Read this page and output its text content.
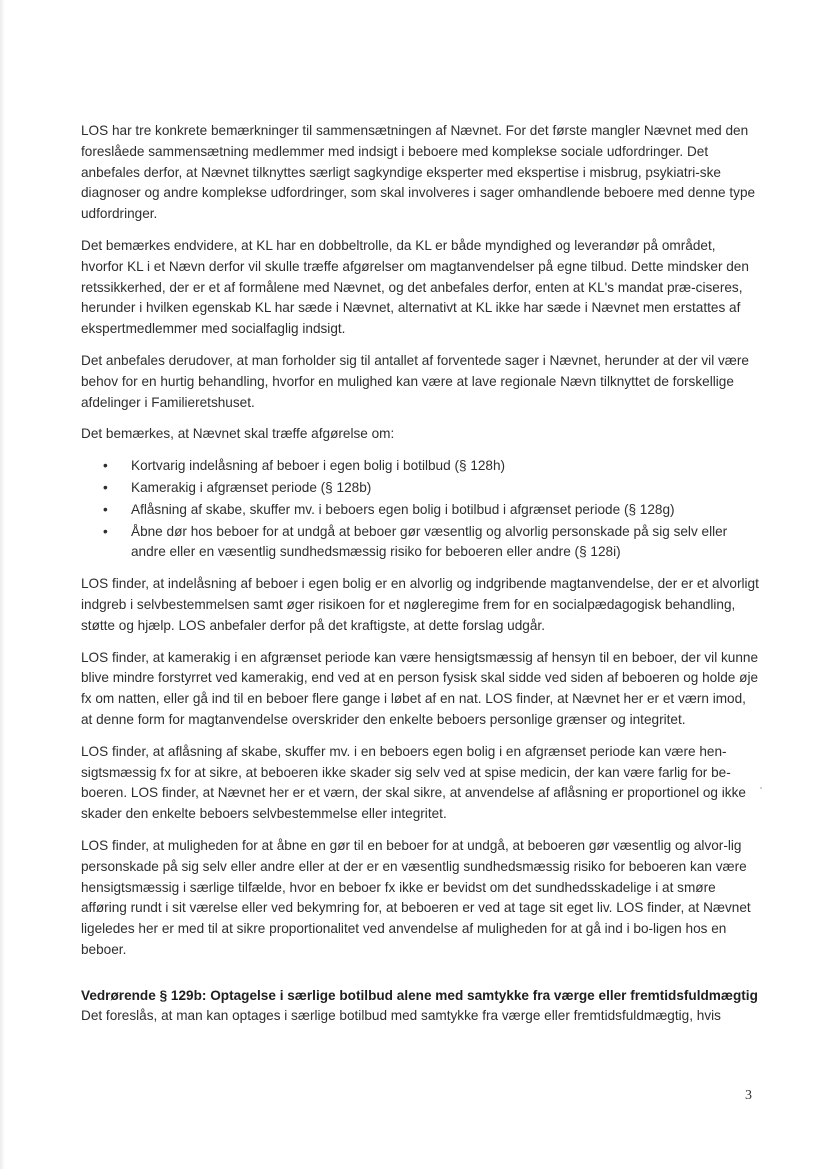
LOS har tre konkrete bemærkninger til sammensætningen af Nævnet. For det første mangler Nævnet med den foreslåede sammensætning medlemmer med indsigt i beboere med komplekse sociale udfordringer. Det anbefales derfor, at Nævnet tilknyttes særligt sagkyndige eksperter med ekspertise i misbrug, psykiatri-ske diagnoser og andre komplekse udfordringer, som skal involveres i sager omhandlende beboere med denne type udfordringer.

Det bemærkes endvidere, at KL har en dobbeltrolle, da KL er både myndighed og leverandør på området, hvorfor KL i et Nævn derfor vil skulle træffe afgørelser om magtanvendelser på egne tilbud. Dette mindsker den retssikkerhed, der er et af formålene med Nævnet, og det anbefales derfor, enten at KL's mandat præ-ciseres, herunder i hvilken egenskab KL har sæde i Nævnet, alternativt at KL ikke har sæde i Nævnet men erstattes af ekspertmedlemmer med socialfaglig indsigt.

Det anbefales derudover, at man forholder sig til antallet af forventede sager i Nævnet, herunder at der vil være behov for en hurtig behandling, hvorfor en mulighed kan være at lave regionale Nævn tilknyttet de forskellige afdelinger i Familieretshuset.

Det bemærkes, at Nævnet skal træffe afgørelse om:

• Kortvarig indelåsning af beboer i egen bolig i botilbud (§ 128h)
• Kamerakig i afgrænset periode (§ 128b)
• Aflåsning af skabe, skuffer mv. i beboers egen bolig i botilbud i afgrænset periode (§ 128g)
• Åbne dør hos beboer for at undgå at beboer gør væsentlig og alvorlig personskade på sig selv eller andre eller en væsentlig sundhedsmæssig risiko for beboeren eller andre (§ 128i)

LOS finder, at indelåsning af beboer i egen bolig er en alvorlig og indgribende magtanvendelse, der er et alvorligt indgreb i selvbestemmelsen samt øger risikoen for et nøgleregime frem for en socialpædagogisk behandling, støtte og hjælp. LOS anbefaler derfor på det kraftigste, at dette forslag udgår.

LOS finder, at kamerakig i en afgrænset periode kan være hensigtsmæssig af hensyn til en beboer, der vil kunne blive mindre forstyrret ved kamerakig, end ved at en person fysisk skal sidde ved siden af beboeren og holde øje fx om natten, eller gå ind til en beboer flere gange i løbet af en nat. LOS finder, at Nævnet her er et værn imod, at denne form for magtanvendelse overskrider den enkelte beboers personlige grænser og integritet.

LOS finder, at aflåsning af skabe, skuffer mv. i en beboers egen bolig i en afgrænset periode kan være hen-sigtsmæssig fx for at sikre, at beboeren ikke skader sig selv ved at spise medicin, der kan være farlig for be-boeren. LOS finder, at Nævnet her er et værn, der skal sikre, at anvendelse af aflåsning er proportionel og ikke skader den enkelte beboers selvbestemmelse eller integritet.

LOS finder, at muligheden for at åbne en gør til en beboer for at undgå, at beboeren gør væsentlig og alvor-lig personskade på sig selv eller andre eller at der er en væsentlig sundhedsmæssig risiko for beboeren kan være hensigtsmæssig i særlige tilfælde, hvor en beboer fx ikke er bevidst om det sundhedsskadelige i at smøre afføring rundt i sit værelse eller ved bekymring for, at beboeren er ved at tage sit eget liv. LOS finder, at Nævnet ligeledes her er med til at sikre proportionalitet ved anvendelse af muligheden for at gå ind i bo-ligen hos en beboer.

Vedrørende § 129b: Optagelse i særlige botilbud alene med samtykke fra værge eller fremtidsfuldmægtig

Det foreslås, at man kan optages i særlige botilbud med samtykke fra værge eller fremtidsfuldmægtig, hvis

3
